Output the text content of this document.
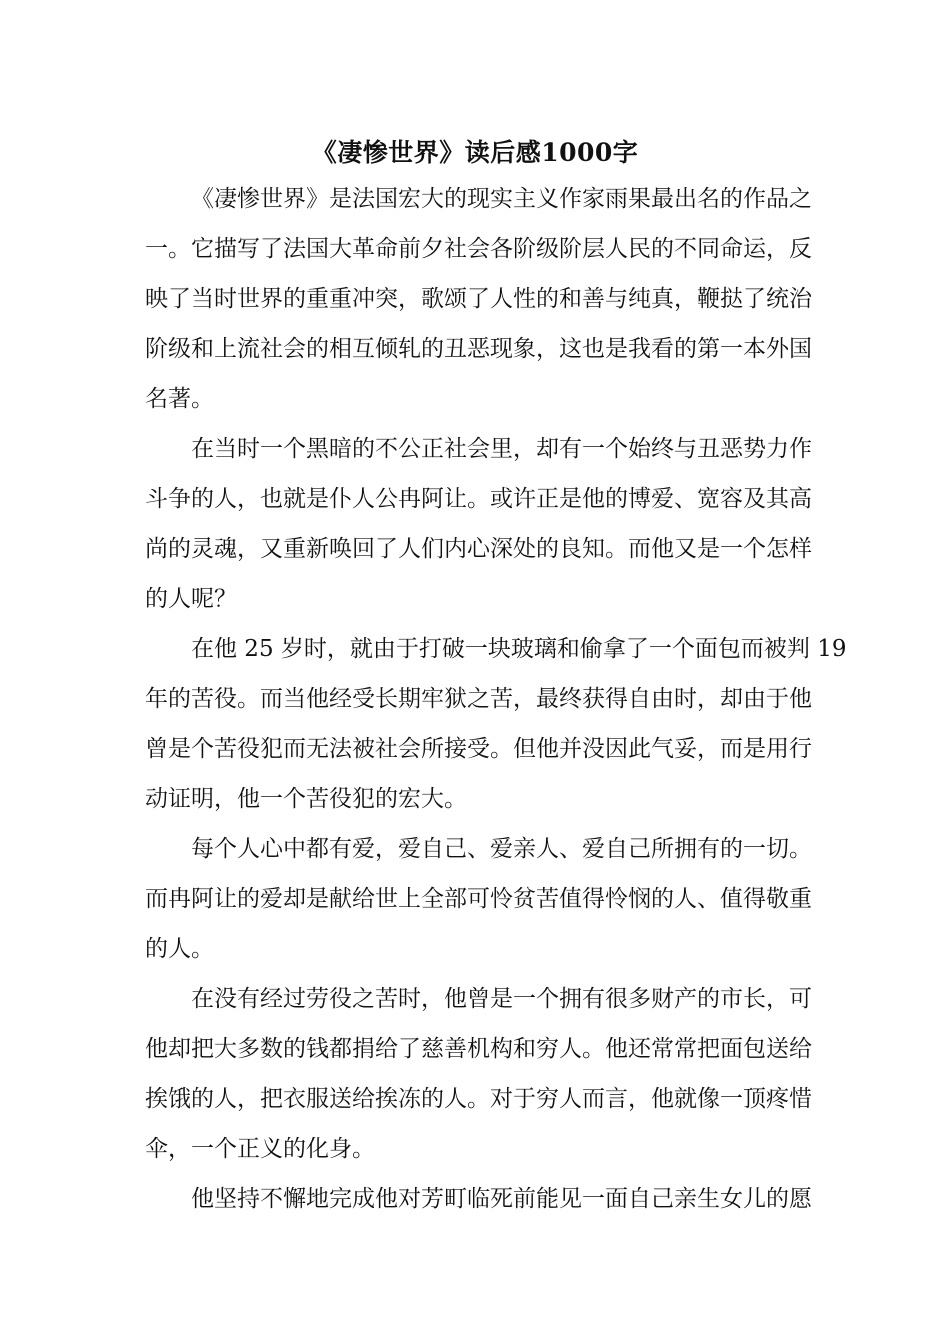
《凄惨世界》读后感1000字

《凄惨世界》是法国宏大的现实主义作家雨果最出名的作品之
一。它描写了法国大革命前夕社会各阶级阶层人民的不同命运，反
映了当时世界的重重冲突，歌颂了人性的和善与纯真，鞭挞了统治
阶级和上流社会的相互倾轧的丑恶现象，这也是我看的第一本外国
名著。

在当时一个黑暗的不公正社会里，却有一个始终与丑恶势力作
斗争的人，也就是仆人公冉阿让。或许正是他的博爱、宽容及其高
尚的灵魂，又重新唤回了人们内心深处的良知。而他又是一个怎样
的人呢？

在他 25 岁时，就由于打破一块玻璃和偷拿了一个面包而被判 19
年的苦役。而当他经受长期牢狱之苦，最终获得自由时，却由于他
曾是个苦役犯而无法被社会所接受。但他并没因此气妥，而是用行
动证明，他一个苦役犯的宏大。

每个人心中都有爱，爱自己、爱亲人、爱自己所拥有的一切。
而冉阿让的爱却是献给世上全部可怜贫苦值得怜悯的人、值得敬重
的人。

在没有经过劳役之苦时，他曾是一个拥有很多财产的市长，可
他却把大多数的钱都捐给了慈善机构和穷人。他还常常把面包送给
挨饿的人，把衣服送给挨冻的人。对于穷人而言，他就像一顶疼惜
伞，一个正义的化身。

他坚持不懈地完成他对芳町临死前能见一面自己亲生女儿的愿
